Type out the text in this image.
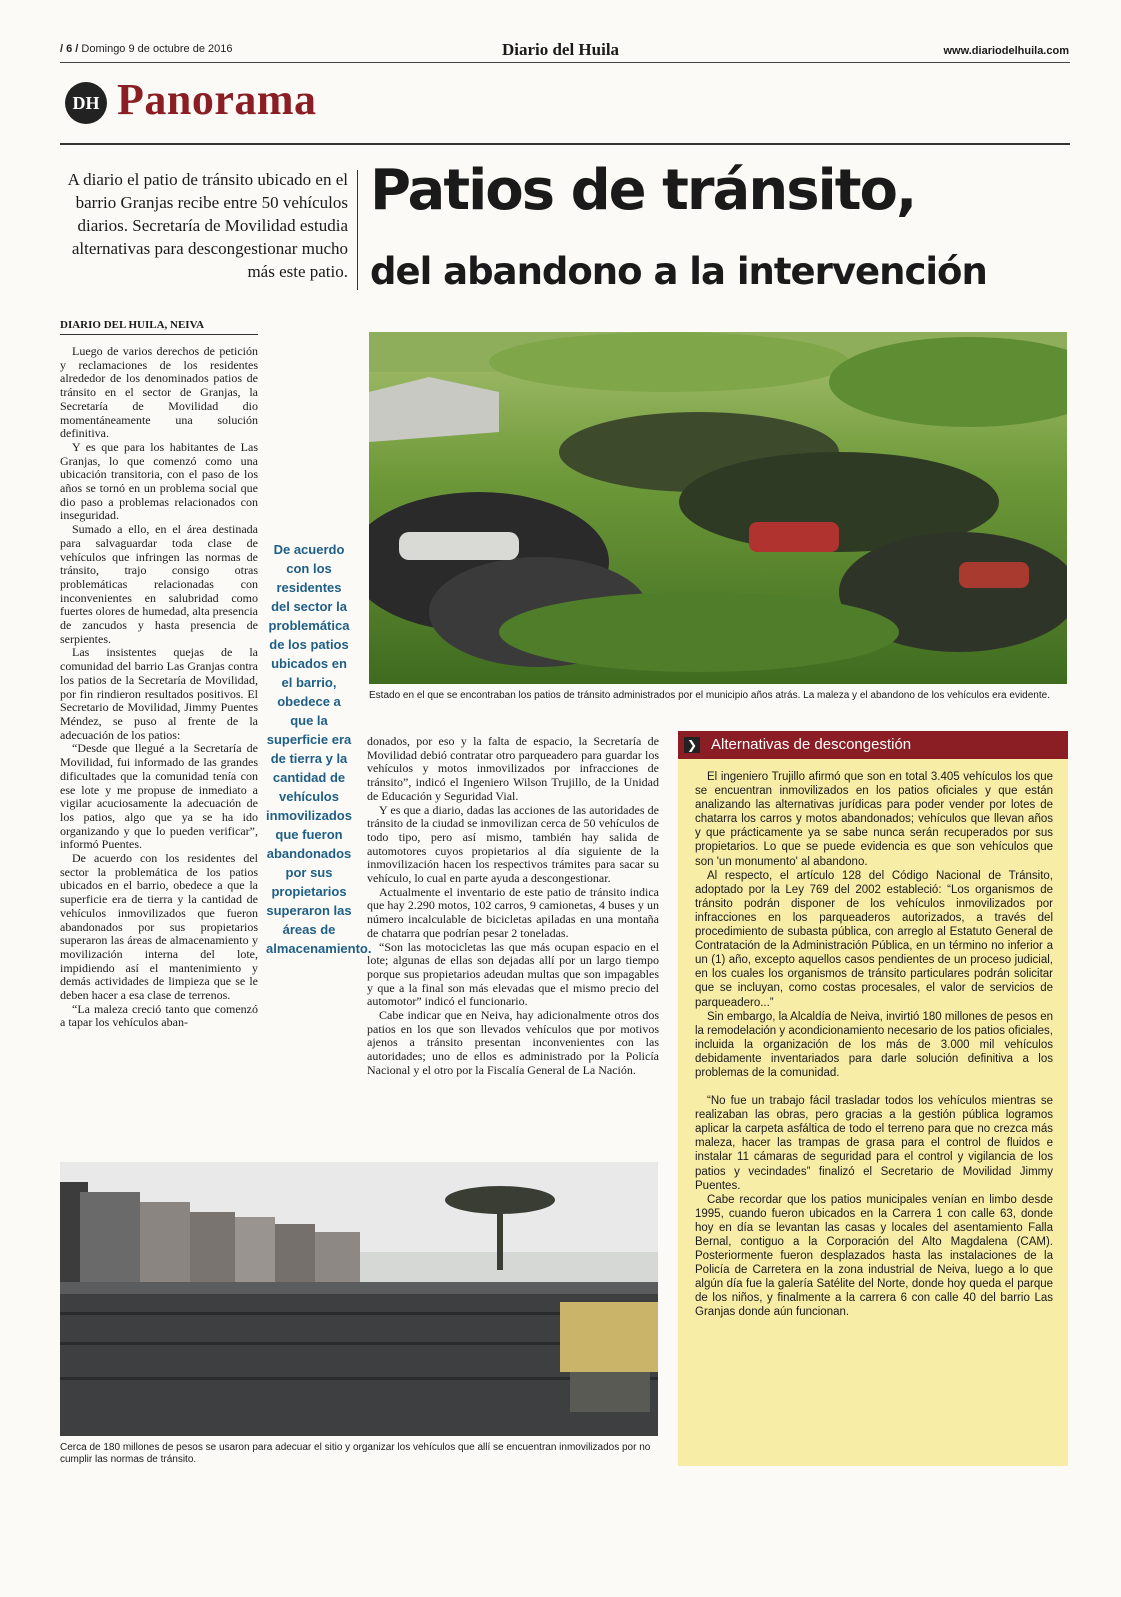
/ 6 / Domingo 9 de octubre de 2016	Diario del Huila	www.diariodelhuila.com
DH Panorama
A diario el patio de tránsito ubicado en el barrio Granjas recibe entre 50 vehículos diarios. Secretaría de Movilidad estudia alternativas para descongestionar mucho más este patio.
Patios de tránsito,
del abandono a la intervención
DIARIO DEL HUILA, NEIVA

Luego de varios derechos de petición y reclamaciones de los residentes alrededor de los denominados patios de tránsito en el sector de Granjas, la Secretaría de Movilidad dio momentáneamente una solución definitiva.

Y es que para los habitantes de Las Granjas, lo que comenzó como una ubicación transitoria, con el paso de los años se tornó en un problema social que dio paso a problemas relacionados con inseguridad.

Sumado a ello, en el área destinada para salvaguardar toda clase de vehículos que infringen las normas de tránsito, trajo consigo otras problemáticas relacionadas con inconvenientes en salubridad como fuertes olores de humedad, alta presencia de zancudos y hasta presencia de serpientes.

Las insistentes quejas de la comunidad del barrio Las Granjas contra los patios de la Secretaría de Movilidad, por fin rindieron resultados positivos. El Secretario de Movilidad, Jimmy Puentes Méndez, se puso al frente de la adecuación de los patios:

“Desde que llegué a la Secretaría de Movilidad, fui informado de las grandes dificultades que la comunidad tenía con ese lote y me propuse de inmediato a vigilar acuciosamente la adecuación de los patios, algo que ya se ha ido organizando y que lo pueden verificar”, informó Puentes.

De acuerdo con los residentes del sector la problemática de los patios ubicados en el barrio, obedece a que la superficie era de tierra y la cantidad de vehículos inmovilizados que fueron abandonados por sus propietarios superaron las áreas de almacenamiento y movilización interna del lote, impidiendo así el mantenimiento y demás actividades de limpieza que se le deben hacer a esa clase de terrenos.

“La maleza creció tanto que comenzó a tapar los vehículos aban-

De acuerdo con los residentes del sector la problemática de los patios ubicados en el barrio, obedece a que la superficie era de tierra y la cantidad de vehículos inmovilizados que fueron abandonados por sus propietarios superaron las áreas de almacenamiento.
Estado en el que se encontraban los patios de tránsito administrados por el municipio años atrás. La maleza y el abandono de los vehículos era evidente.

donados, por eso y la falta de espacio, la Secretaría de Movilidad debió contratar otro parqueadero para guardar los vehículos y motos inmovilizados por infracciones de tránsito”, indicó el Ingeniero Wilson Trujillo, de la Unidad de Educación y Seguridad Vial.

Y es que a diario, dadas las acciones de las autoridades de tránsito de la ciudad se inmovilizan cerca de 50 vehículos de todo tipo, pero así mismo, también hay salida de automotores cuyos propietarios al día siguiente de la inmovilización hacen los respectivos trámites para sacar su vehículo, lo cual en parte ayuda a descongestionar.

Actualmente el inventario de este patio de tránsito indica que hay 2.290 motos, 102 carros, 9 camionetas, 4 buses y un número incalculable de bicicletas apiladas en una montaña de chatarra que podrían pesar 2 toneladas.

“Son las motocicletas las que más ocupan espacio en el lote; algunas de ellas son dejadas allí por un largo tiempo porque sus propietarios adeudan multas que son impagables y que a la final son más elevadas que el mismo precio del automotor” indicó el funcionario.

Cabe indicar que en Neiva, hay adicionalmente otros dos patios en los que son llevados vehículos que por motivos ajenos a tránsito presentan inconvenientes con las autoridades; uno de ellos es administrado por la Policía Nacional y el otro por la Fiscalía General de La Nación.

Cerca de 180 millones de pesos se usaron para adecuar el sitio y organizar los vehículos que allí se encuentran inmovilizados por no cumplir las normas de tránsito.
❯ Alternativas de descongestión

El ingeniero Trujillo afirmó que son en total 3.405 vehículos los que se encuentran inmovilizados en los patios oficiales y que están analizando las alternativas jurídicas para poder vender por lotes de chatarra los carros y motos abandonados; vehículos que llevan años y que prácticamente ya se sabe nunca serán recuperados por sus propietarios. Lo que se puede evidencia es que son vehículos que son 'un monumento' al abandono.

Al respecto, el artículo 128 del Código Nacional de Tránsito, adoptado por la Ley 769 del 2002 estableció: “Los organismos de tránsito podrán disponer de los vehículos inmovilizados por infracciones en los parqueaderos autorizados, a través del procedimiento de subasta pública, con arreglo al Estatuto General de Contratación de la Administración Pública, en un término no inferior a un (1) año, excepto aquellos casos pendientes de un proceso judicial, en los cuales los organismos de tránsito particulares podrán solicitar que se incluyan, como costas procesales, el valor de servicios de parqueadero...”

Sin embargo, la Alcaldía de Neiva, invirtió 180 millones de pesos en la remodelación y acondicionamiento necesario de los patios oficiales, incluida la organización de los más de 3.000 mil vehículos debidamente inventariados para darle solución definitiva a los problemas de la comunidad.

“No fue un trabajo fácil trasladar todos los vehículos mientras se realizaban las obras, pero gracias a la gestión pública logramos aplicar la carpeta asfáltica de todo el terreno para que no crezca más maleza, hacer las trampas de grasa para el control de fluidos e instalar 11 cámaras de seguridad para el control y vigilancia de los patios y vecindades” finalizó el Secretario de Movilidad Jimmy Puentes.

Cabe recordar que los patios municipales venían en limbo desde 1995, cuando fueron ubicados en la Carrera 1 con calle 63, donde hoy en día se levantan las casas y locales del asentamiento Falla Bernal, contiguo a la Corporación del Alto Magdalena (CAM). Posteriormente fueron desplazados hasta las instalaciones de la Policía de Carretera en la zona industrial de Neiva, luego a lo que algún día fue la galería Satélite del Norte, donde hoy queda el parque de los niños, y finalmente a la carrera 6 con calle 40 del barrio Las Granjas donde aún funcionan.
